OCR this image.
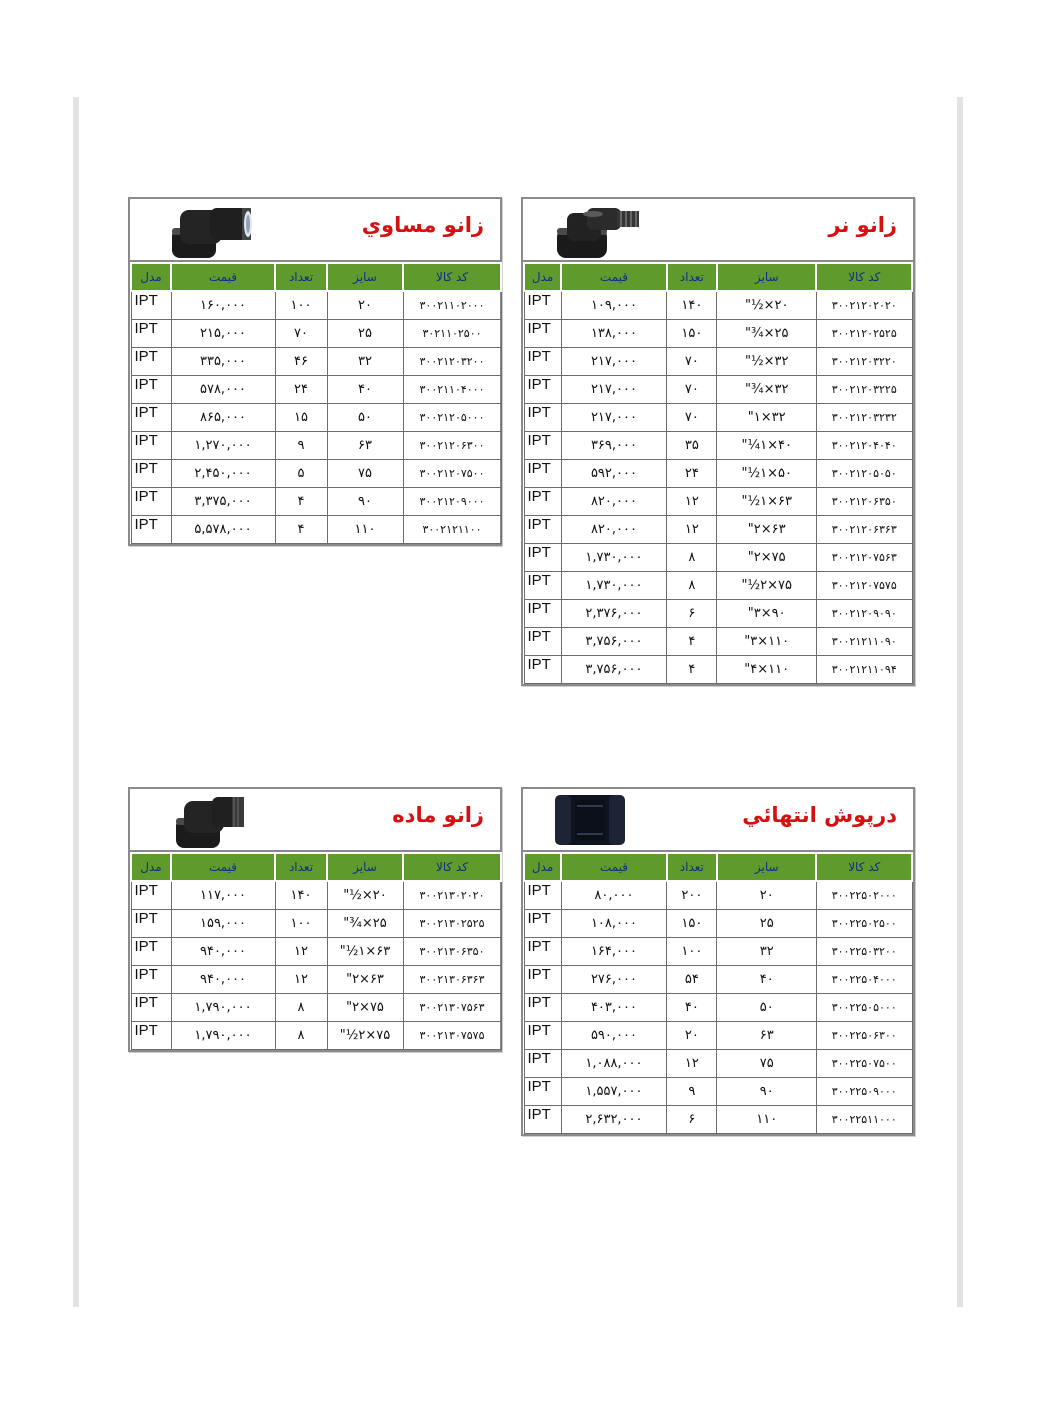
زانو نر
مدل	قیمت	تعداد	سایز	کد کالا
IPT	۱۰۹,۰۰۰	۱۴۰	۲۰×½"	۳۰۰۲۱۲۰۲۰۲۰
IPT	۱۳۸,۰۰۰	۱۵۰	۲۵×¾"	۳۰۰۲۱۲۰۲۵۲۵
IPT	۲۱۷,۰۰۰	۷۰	۳۲×½"	۳۰۰۲۱۲۰۳۲۲۰
IPT	۲۱۷,۰۰۰	۷۰	۳۲×¾"	۳۰۰۲۱۲۰۳۲۲۵
IPT	۲۱۷,۰۰۰	۷۰	۳۲×۱"	۳۰۰۲۱۲۰۳۲۳۲
IPT	۳۶۹,۰۰۰	۳۵	۴۰×۱¼"	۳۰۰۲۱۲۰۴۰۴۰
IPT	۵۹۲,۰۰۰	۲۴	۵۰×۱½"	۳۰۰۲۱۲۰۵۰۵۰
IPT	۸۲۰,۰۰۰	۱۲	۶۳×۱½"	۳۰۰۲۱۲۰۶۳۵۰
IPT	۸۲۰,۰۰۰	۱۲	۶۳×۲"	۳۰۰۲۱۲۰۶۳۶۳
IPT	۱,۷۳۰,۰۰۰	۸	۷۵×۲"	۳۰۰۲۱۲۰۷۵۶۳
IPT	۱,۷۳۰,۰۰۰	۸	۷۵×۲½"	۳۰۰۲۱۲۰۷۵۷۵
IPT	۲,۳۷۶,۰۰۰	۶	۹۰×۳"	۳۰۰۲۱۲۰۹۰۹۰
IPT	۳,۷۵۶,۰۰۰	۴	۱۱۰×۳"	۳۰۰۲۱۲۱۱۰۹۰
IPT	۳,۷۵۶,۰۰۰	۴	۱۱۰×۴"	۳۰۰۲۱۲۱۱۰۹۴
زانو مساوي
مدل	قیمت	تعداد	سایز	کد کالا
IPT	۱۶۰,۰۰۰	۱۰۰	۲۰	۳۰۰۲۱۱۰۲۰۰۰
IPT	۲۱۵,۰۰۰	۷۰	۲۵	۳۰۲۱۱۰۲۵۰۰
IPT	۳۳۵,۰۰۰	۴۶	۳۲	۳۰۰۲۱۲۰۳۲۰۰
IPT	۵۷۸,۰۰۰	۲۴	۴۰	۳۰۰۲۱۱۰۴۰۰۰
IPT	۸۶۵,۰۰۰	۱۵	۵۰	۳۰۰۲۱۲۰۵۰۰۰
IPT	۱,۲۷۰,۰۰۰	۹	۶۳	۳۰۰۲۱۲۰۶۳۰۰
IPT	۲,۴۵۰,۰۰۰	۵	۷۵	۳۰۰۲۱۲۰۷۵۰۰
IPT	۳,۳۷۵,۰۰۰	۴	۹۰	۳۰۰۲۱۲۰۹۰۰۰
IPT	۵,۵۷۸,۰۰۰	۴	۱۱۰	۳۰۰۲۱۲۱۱۰۰
درپوش انتهائي
مدل	قیمت	تعداد	سایز	کد کالا
IPT	۸۰,۰۰۰	۲۰۰	۲۰	۳۰۰۲۲۵۰۲۰۰۰
IPT	۱۰۸,۰۰۰	۱۵۰	۲۵	۳۰۰۲۲۵۰۲۵۰۰
IPT	۱۶۴,۰۰۰	۱۰۰	۳۲	۳۰۰۲۲۵۰۳۲۰۰
IPT	۲۷۶,۰۰۰	۵۴	۴۰	۳۰۰۲۲۵۰۴۰۰۰
IPT	۴۰۳,۰۰۰	۴۰	۵۰	۳۰۰۲۲۵۰۵۰۰۰
IPT	۵۹۰,۰۰۰	۲۰	۶۳	۳۰۰۲۲۵۰۶۳۰۰
IPT	۱,۰۸۸,۰۰۰	۱۲	۷۵	۳۰۰۲۲۵۰۷۵۰۰
IPT	۱,۵۵۷,۰۰۰	۹	۹۰	۳۰۰۲۲۵۰۹۰۰۰
IPT	۲,۶۳۲,۰۰۰	۶	۱۱۰	۳۰۰۲۲۵۱۱۰۰۰
زانو ماده
مدل	قیمت	تعداد	سایز	کد کالا
IPT	۱۱۷,۰۰۰	۱۴۰	۲۰×½"	۳۰۰۲۱۳۰۲۰۲۰
IPT	۱۵۹,۰۰۰	۱۰۰	۲۵×¾"	۳۰۰۲۱۳۰۲۵۲۵
IPT	۹۴۰,۰۰۰	۱۲	۶۳×۱½"	۳۰۰۲۱۳۰۶۳۵۰
IPT	۹۴۰,۰۰۰	۱۲	۶۳×۲"	۳۰۰۲۱۳۰۶۳۶۳
IPT	۱,۷۹۰,۰۰۰	۸	۷۵×۲"	۳۰۰۲۱۳۰۷۵۶۳
IPT	۱,۷۹۰,۰۰۰	۸	۷۵×۲½"	۳۰۰۲۱۳۰۷۵۷۵
